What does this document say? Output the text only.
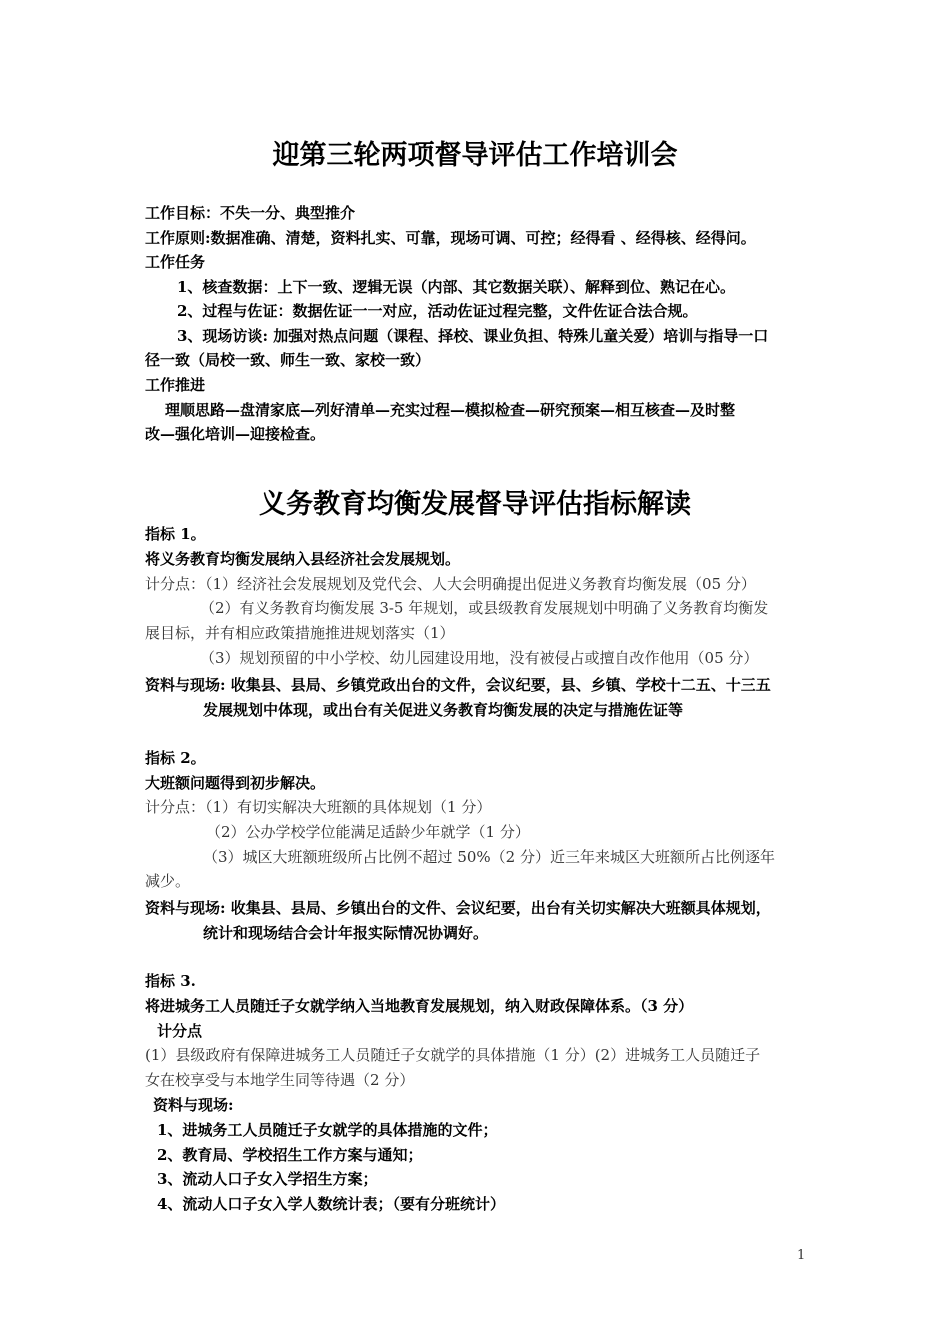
迎第三轮两项督导评估工作培训会
工作目标：不失一分、典型推介
工作原则:数据准确、清楚，资料扎实、可靠，现场可调、可控；经得看 、经得核、经得问。
工作任务
1、核查数据：上下一致、逻辑无误（内部、其它数据关联）、解释到位、熟记在心。
2、过程与佐证：数据佐证一一对应，活动佐证过程完整，文件佐证合法合规。
3、现场访谈: 加强对热点问题（课程、择校、课业负担、特殊儿童关爱）培训与指导一口
径一致（局校一致、师生一致、家校一致）
工作推进
理顺思路—盘清家底—列好清单—充实过程—模拟检查—研究预案—相互核查—及时整
改—强化培训—迎接检查。
义务教育均衡发展督导评估指标解读
指标 1。
将义务教育均衡发展纳入县经济社会发展规划。
计分点：（1）经济社会发展规划及党代会、人大会明确提出促进义务教育均衡发展（05 分）
（2）有义务教育均衡发展 3-5 年规划，或县级教育发展规划中明确了义务教育均衡发
展目标，并有相应政策措施推进规划落实（1）
（3）规划预留的中小学校、幼儿园建设用地，没有被侵占或擅自改作他用（05 分）
资料与现场: 收集县、县局、乡镇党政出台的文件，会议纪要，县、乡镇、学校十二五、十三五
发展规划中体现，或出台有关促进义务教育均衡发展的决定与措施佐证等
指标 2。
大班额问题得到初步解决。
计分点：（1）有切实解决大班额的具体规划（1 分）
（2）公办学校学位能满足适龄少年就学（1 分）
（3）城区大班额班级所占比例不超过 50%（2 分）近三年来城区大班额所占比例逐年
减少。
资料与现场: 收集县、县局、乡镇出台的文件、会议纪要，出台有关切实解决大班额具体规划，
统计和现场结合会计年报实际情况协调好。
指标 3.
将进城务工人员随迁子女就学纳入当地教育发展规划，纳入财政保障体系。（3 分）
计分点
(1）县级政府有保障进城务工人员随迁子女就学的具体措施（1 分）(2）进城务工人员随迁子
女在校享受与本地学生同等待遇（2 分）
资料与现场:
1、进城务工人员随迁子女就学的具体措施的文件；
2、教育局、学校招生工作方案与通知；
3、流动人口子女入学招生方案；
4、流动人口子女入学人数统计表；（要有分班统计）
1
